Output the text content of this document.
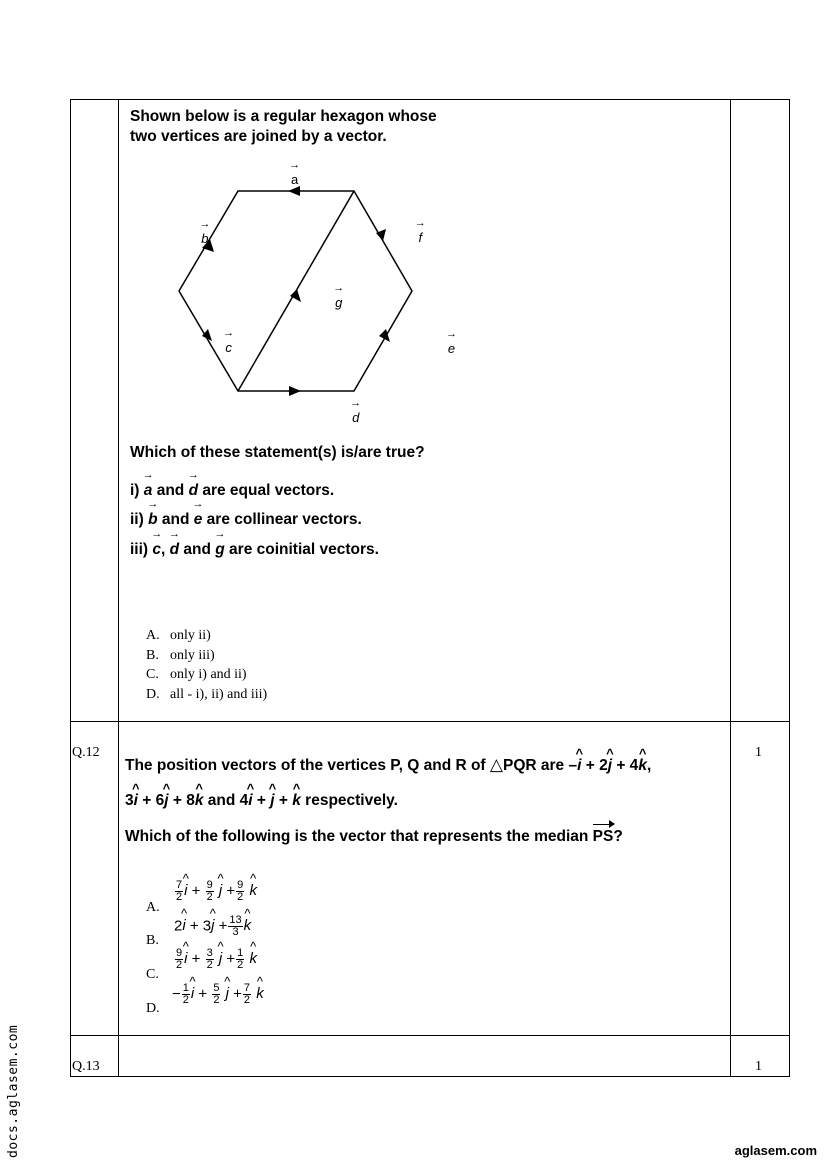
Shown below is a regular hexagon whose
two vertices are joined by a vector.
→ a → b	→ f → g → c	→ e → d
Which of these statement(s) is/are true?
i) → a and → d are equal vectors.
ii) → b and → e are collinear vectors.
iii) → c, → d and → g are coinitial vectors.
A. only ii)
B. only iii)
C. only i) and ii)
D. all - i), ii) and iii)
Q.12	1
The position vectors of the vertices P, Q and R of △PQR are –^ i + 2^ j + 4^ k,
3^ i + 6^ j + 8^ k and 4^ i + ^ j + ^ k respectively.
Which of the following is the vector that represents the median PS?
A.
$\frac{7}{2}$ ^ $i + \frac{9}{2}$ ^ $j + \frac{9}{2}$ ^ k
B.
2^ i + 3^ $j + \frac{13}{3}$ ^ k
C.
$\frac{9}{2}$ ^ $i + \frac{3}{2}$ ^ $j + \frac{1}{2}$ ^ k
D.
− $\frac{1}{2}$ ^ $i + \frac{5}{2}$ ^ $j + \frac{7}{2}$ ^ k
Q.13	1
docs.aglasem.com	aglasem.com
